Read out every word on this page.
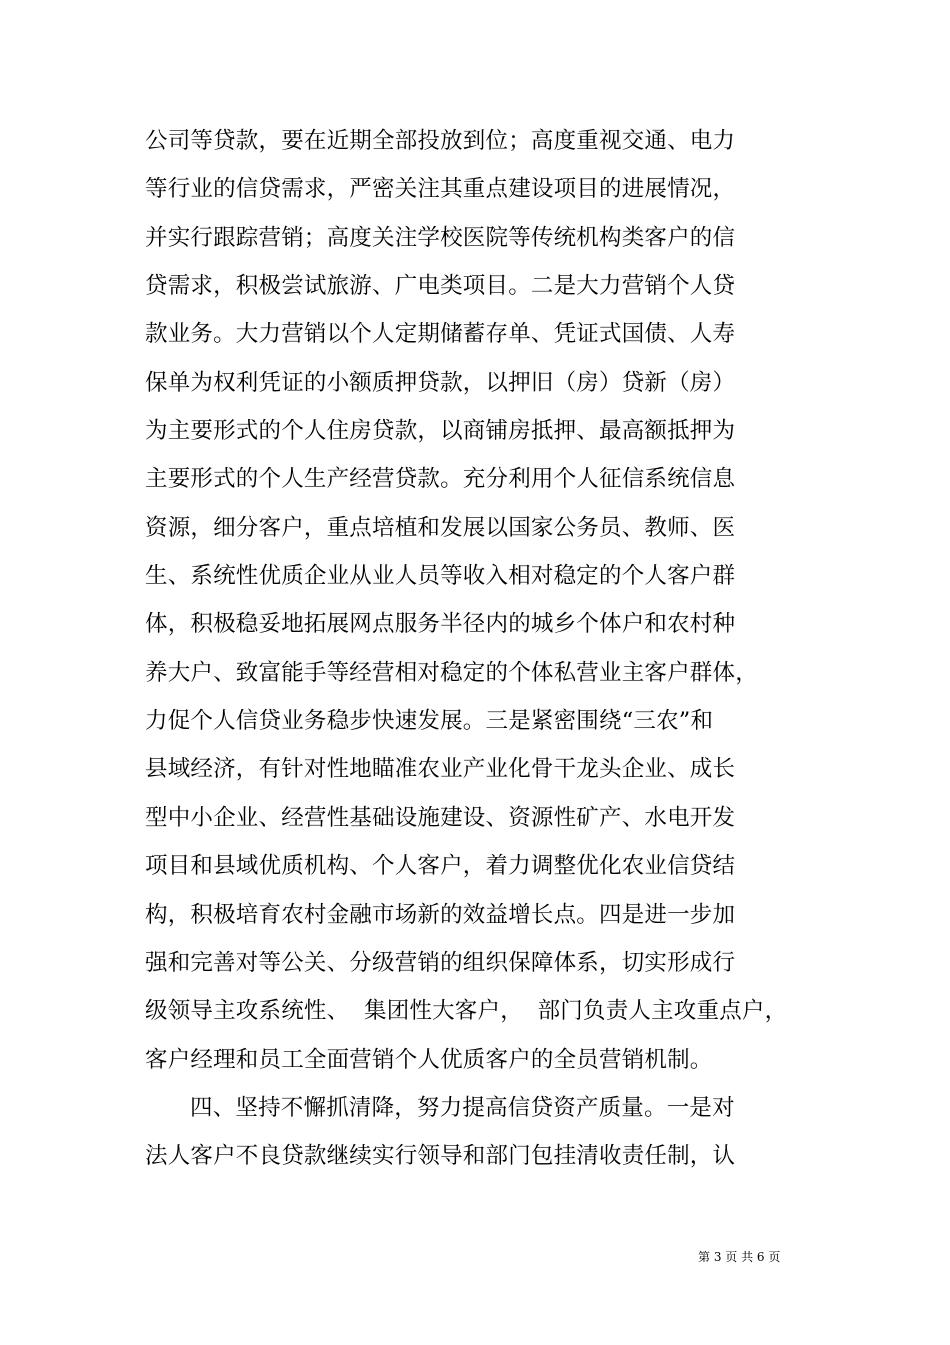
公司等贷款，要在近期全部投放到位；高度重视交通、电力
等行业的信贷需求，严密关注其重点建设项目的进展情况，
并实行跟踪营销；高度关注学校医院等传统机构类客户的信
贷需求，积极尝试旅游、广电类项目。二是大力营销个人贷
款业务。大力营销以个人定期储蓄存单、凭证式国债、人寿
保单为权利凭证的小额质押贷款，以押旧（房）贷新（房）
为主要形式的个人住房贷款，以商铺房抵押、最高额抵押为
主要形式的个人生产经营贷款。充分利用个人征信系统信息
资源，细分客户，重点培植和发展以国家公务员、教师、医
生、系统性优质企业从业人员等收入相对稳定的个人客户群
体，积极稳妥地拓展网点服务半径内的城乡个体户和农村种
养大户、致富能手等经营相对稳定的个体私营业主客户群体，
力促个人信贷业务稳步快速发展。三是紧密围绕“三农”和
县域经济，有针对性地瞄准农业产业化骨干龙头企业、成长
型中小企业、经营性基础设施建设、资源性矿产、水电开发
项目和县域优质机构、个人客户，着力调整优化农业信贷结
构，积极培育农村金融市场新的效益增长点。四是进一步加
强和完善对等公关、分级营销的组织保障体系，切实形成行
级领导主攻系统性、  集团性大客户，  部门负责人主攻重点户，
客户经理和员工全面营销个人优质客户的全员营销机制。
四、坚持不懈抓清降，努力提高信贷资产质量。一是对
法人客户不良贷款继续实行领导和部门包挂清收责任制，认
第 3 页 共 6 页
